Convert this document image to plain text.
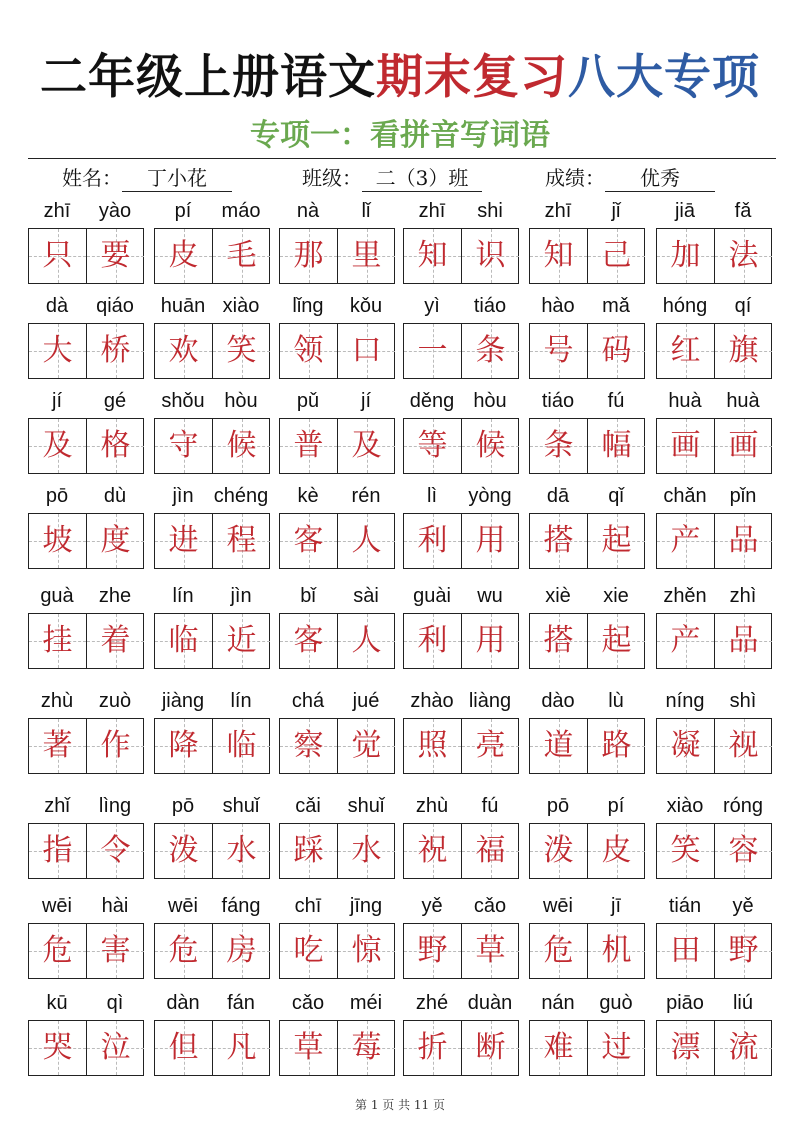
二年级上册语文期末复习八大专项
专项一：看拼音写词语
姓名： 丁小花	班级： 二（3）班	成绩： 优秀
zhī	yào
只 要
pí	máo
皮 毛
nà	lǐ
那 里
zhī	shi
知 识
zhī	jǐ
知 己
jiā	fǎ
加 法
dà	qiáo
大 桥
huān xiào
欢 笑
lǐng	kǒu
领 口
yì	tiáo
一 条
hào	mǎ
号 码
hóng	qí
红 旗
jí	gé
及 格
shǒu hòu
守 候
pǔ	jí
普 及
děng hòu
等 候
tiáo	fú
条 幅
huà	huà
画 画
pō	dù
坡 度
jìn	chéng
进 程
kè	rén
客 人
lì	yòng
利 用
dā	qǐ
搭 起
chǎn	pǐn
产 品
guà	zhe
挂 着
lín	jìn
临 近
bǐ	sài
客 人
guài	wu
利 用
xiè	xie
搭 起
zhěn	zhì
产 品
zhù	zuò
著 作
jiàng	lín
降 临
chá	jué
察 觉
zhào liàng
照 亮
dào	lù
道 路
níng	shì
凝 视
zhǐ	lìng
指 令
pō	shuǐ
泼 水
cǎi	shuǐ
踩 水
zhù	fú
祝 福
pō	pí
泼 皮
xiào róng
笑 容
wēi	hài
危 害
wēi	fáng
危 房
chī	jīng
吃 惊
yě	cǎo
野 草
wēi	jī
危 机
tián	yě
田 野
kū	qì
哭 泣
dàn	fán
但 凡
cǎo	méi
草 莓
zhé duàn
折 断
nán	guò
难 过
piāo	liú
漂 流
第 1 页 共 11 页
